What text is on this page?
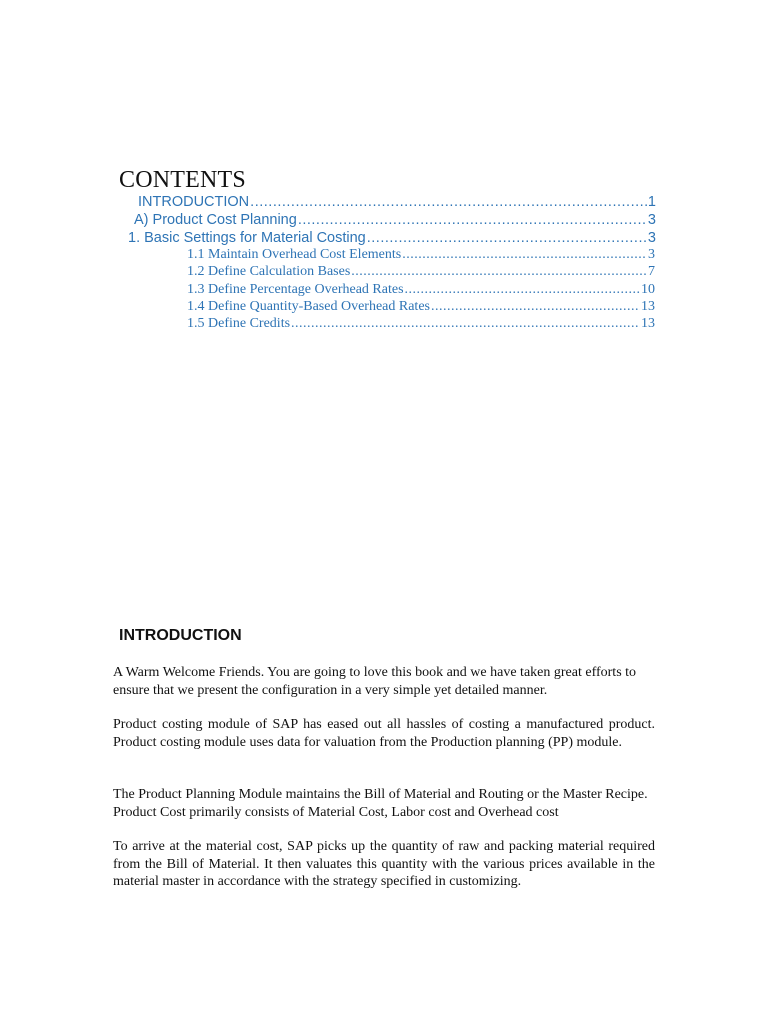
CONTENTS
INTRODUCTION .....	1
A) Product Cost Planning .....	3
1. Basic Settings for Material Costing .....	3
1.1 Maintain Overhead Cost Elements .....	3
1.2 Define Calculation Bases .....	7
1.3 Define Percentage Overhead Rates .....	10
1.4 Define Quantity-Based Overhead Rates .....	13
1.5 Define Credits .....	13
INTRODUCTION

A Warm Welcome Friends. You are going to love this book and we have taken great efforts to ensure that we present the configuration in a very simple yet detailed manner.

Product costing module of SAP has eased out all hassles of costing a manufactured product. Product costing module uses data for valuation from the Production planning (PP) module.

The Product Planning Module maintains the Bill of Material and Routing or the Master Recipe. Product Cost primarily consists of Material Cost, Labor cost and Overhead cost

To arrive at the material cost, SAP picks up the quantity of raw and packing material required from the Bill of Material. It then valuates this quantity with the various prices available in the material master in accordance with the strategy specified in customizing.
